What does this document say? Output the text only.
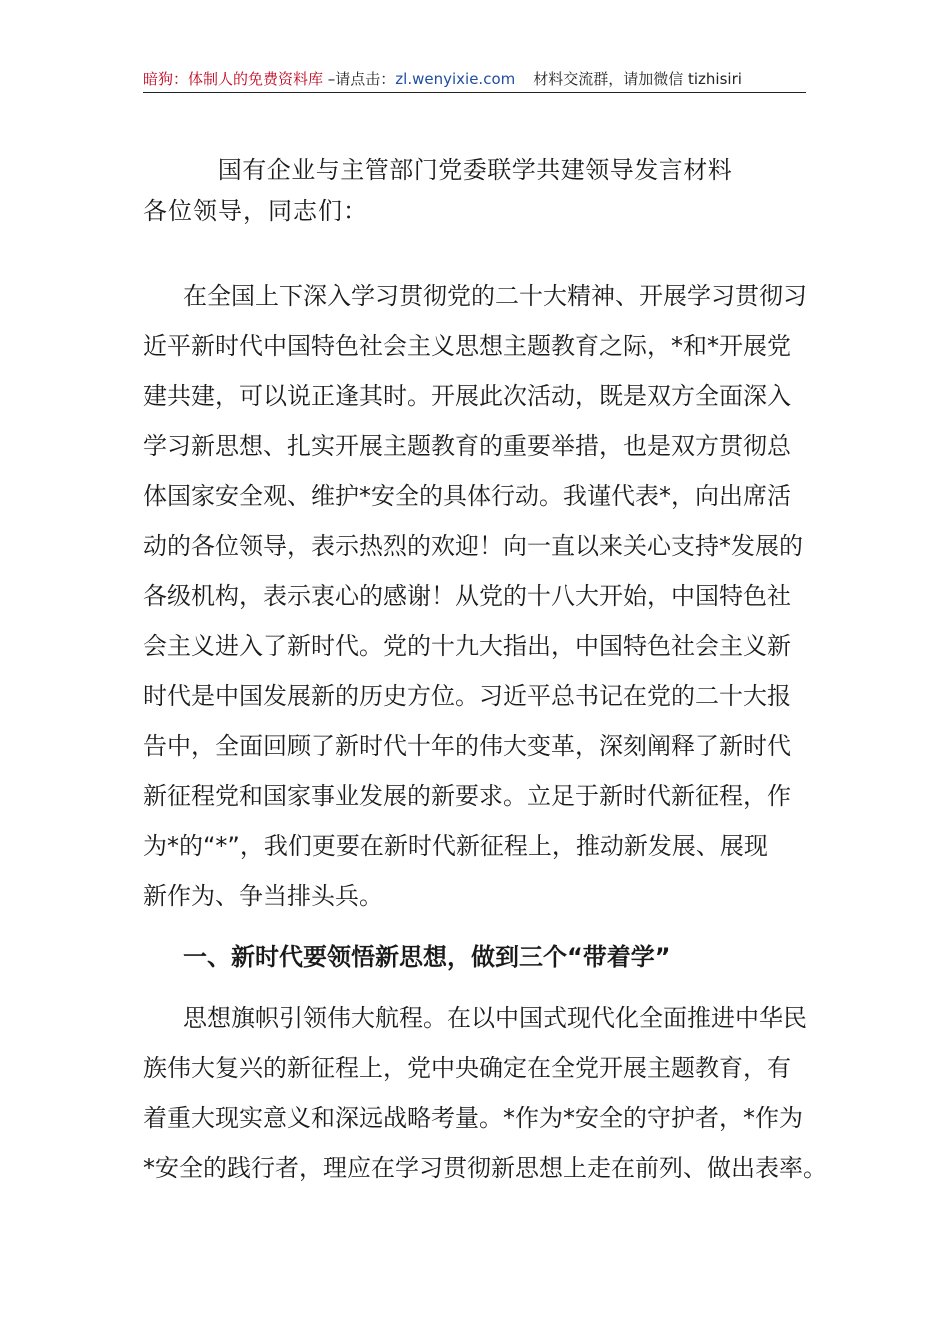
暗狗：体制人的免费资料库 –请点击：zl.wenyixie.com 材料交流群，请加微信 tizhisiri
国有企业与主管部门党委联学共建领导发言材料
各位领导，同志们：
在全国上下深入学习贯彻党的二十大精神、开展学习贯彻习
近平新时代中国特色社会主义思想主题教育之际，*和*开展党
建共建，可以说正逢其时。开展此次活动，既是双方全面深入
学习新思想、扎实开展主题教育的重要举措，也是双方贯彻总
体国家安全观、维护*安全的具体行动。我谨代表*，向出席活
动的各位领导，表示热烈的欢迎！向一直以来关心支持*发展的
各级机构，表示衷心的感谢！从党的十八大开始，中国特色社
会主义进入了新时代。党的十九大指出，中国特色社会主义新
时代是中国发展新的历史方位。习近平总书记在党的二十大报
告中，全面回顾了新时代十年的伟大变革，深刻阐释了新时代
新征程党和国家事业发展的新要求。立足于新时代新征程，作
为*的“*”，我们更要在新时代新征程上，推动新发展、展现
新作为、争当排头兵。
一、新时代要领悟新思想，做到三个“带着学”
思想旗帜引领伟大航程。在以中国式现代化全面推进中华民
族伟大复兴的新征程上，党中央确定在全党开展主题教育，有
着重大现实意义和深远战略考量。*作为*安全的守护者，*作为
*安全的践行者，理应在学习贯彻新思想上走在前列、做出表率。
